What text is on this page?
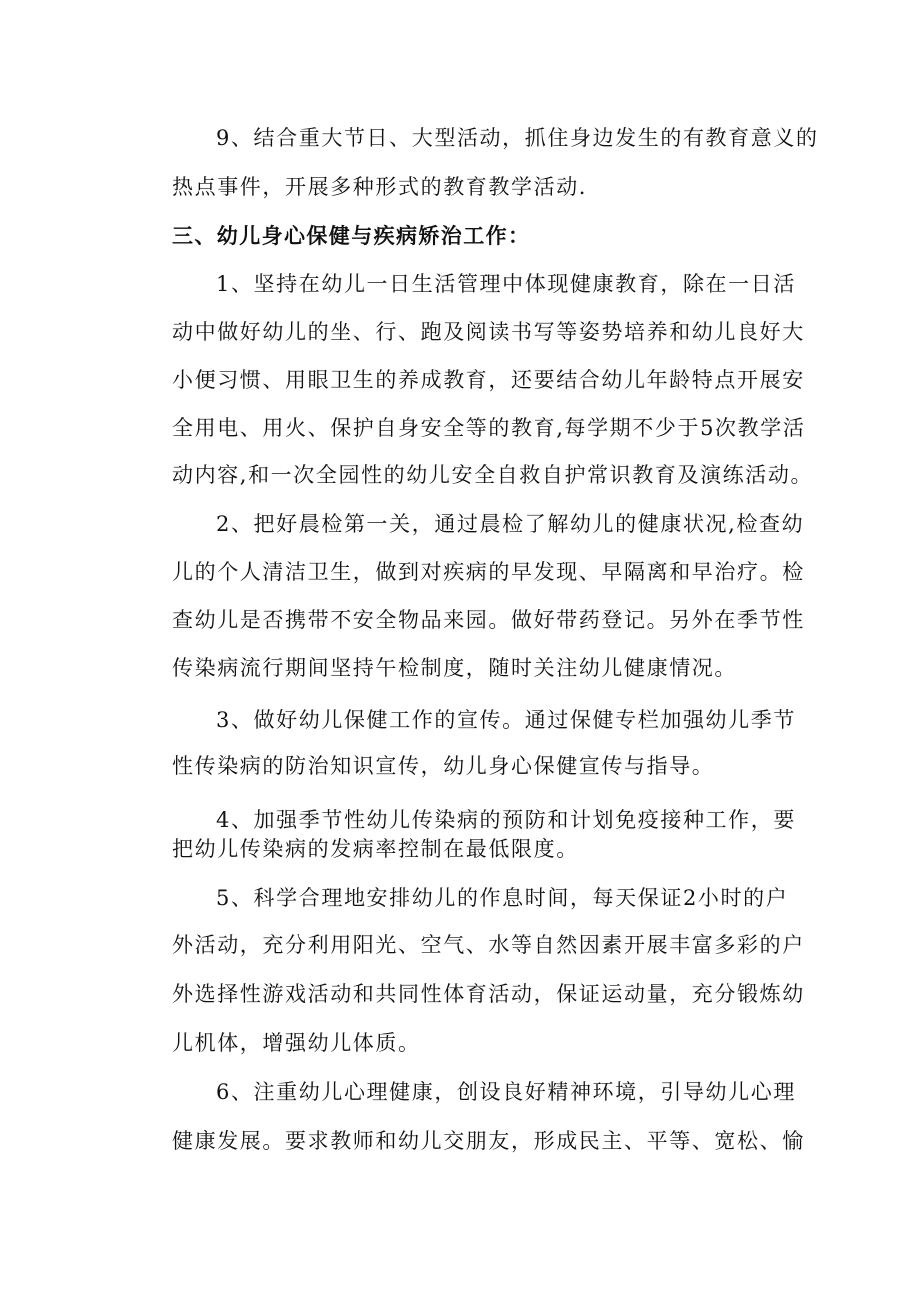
9、结合重大节日、大型活动，抓住身边发生的有教育意义的
热点事件，开展多种形式的教育教学活动.
三、幼儿身心保健与疾病矫治工作：
1、坚持在幼儿一日生活管理中体现健康教育，除在一日活
动中做好幼儿的坐、行、跑及阅读书写等姿势培养和幼儿良好大
小便习惯、用眼卫生的养成教育，还要结合幼儿年龄特点开展安
全用电、用火、保护自身安全等的教育,每学期不少于5次教学活
动内容,和一次全园性的幼儿安全自救自护常识教育及演练活动。
2、把好晨检第一关，通过晨检了解幼儿的健康状况,检查幼
儿的个人清洁卫生，做到对疾病的早发现、早隔离和早治疗。检
查幼儿是否携带不安全物品来园。做好带药登记。另外在季节性
传染病流行期间坚持午检制度，随时关注幼儿健康情况。
3、做好幼儿保健工作的宣传。通过保健专栏加强幼儿季节
性传染病的防治知识宣传，幼儿身心保健宣传与指导。
4、加强季节性幼儿传染病的预防和计划免疫接种工作，要
把幼儿传染病的发病率控制在最低限度。
5、科学合理地安排幼儿的作息时间，每天保证2小时的户
外活动，充分利用阳光、空气、水等自然因素开展丰富多彩的户
外选择性游戏活动和共同性体育活动，保证运动量，充分锻炼幼
儿机体，增强幼儿体质。
6、注重幼儿心理健康，创设良好精神环境，引导幼儿心理
健康发展。要求教师和幼儿交朋友，形成民主、平等、宽松、愉
